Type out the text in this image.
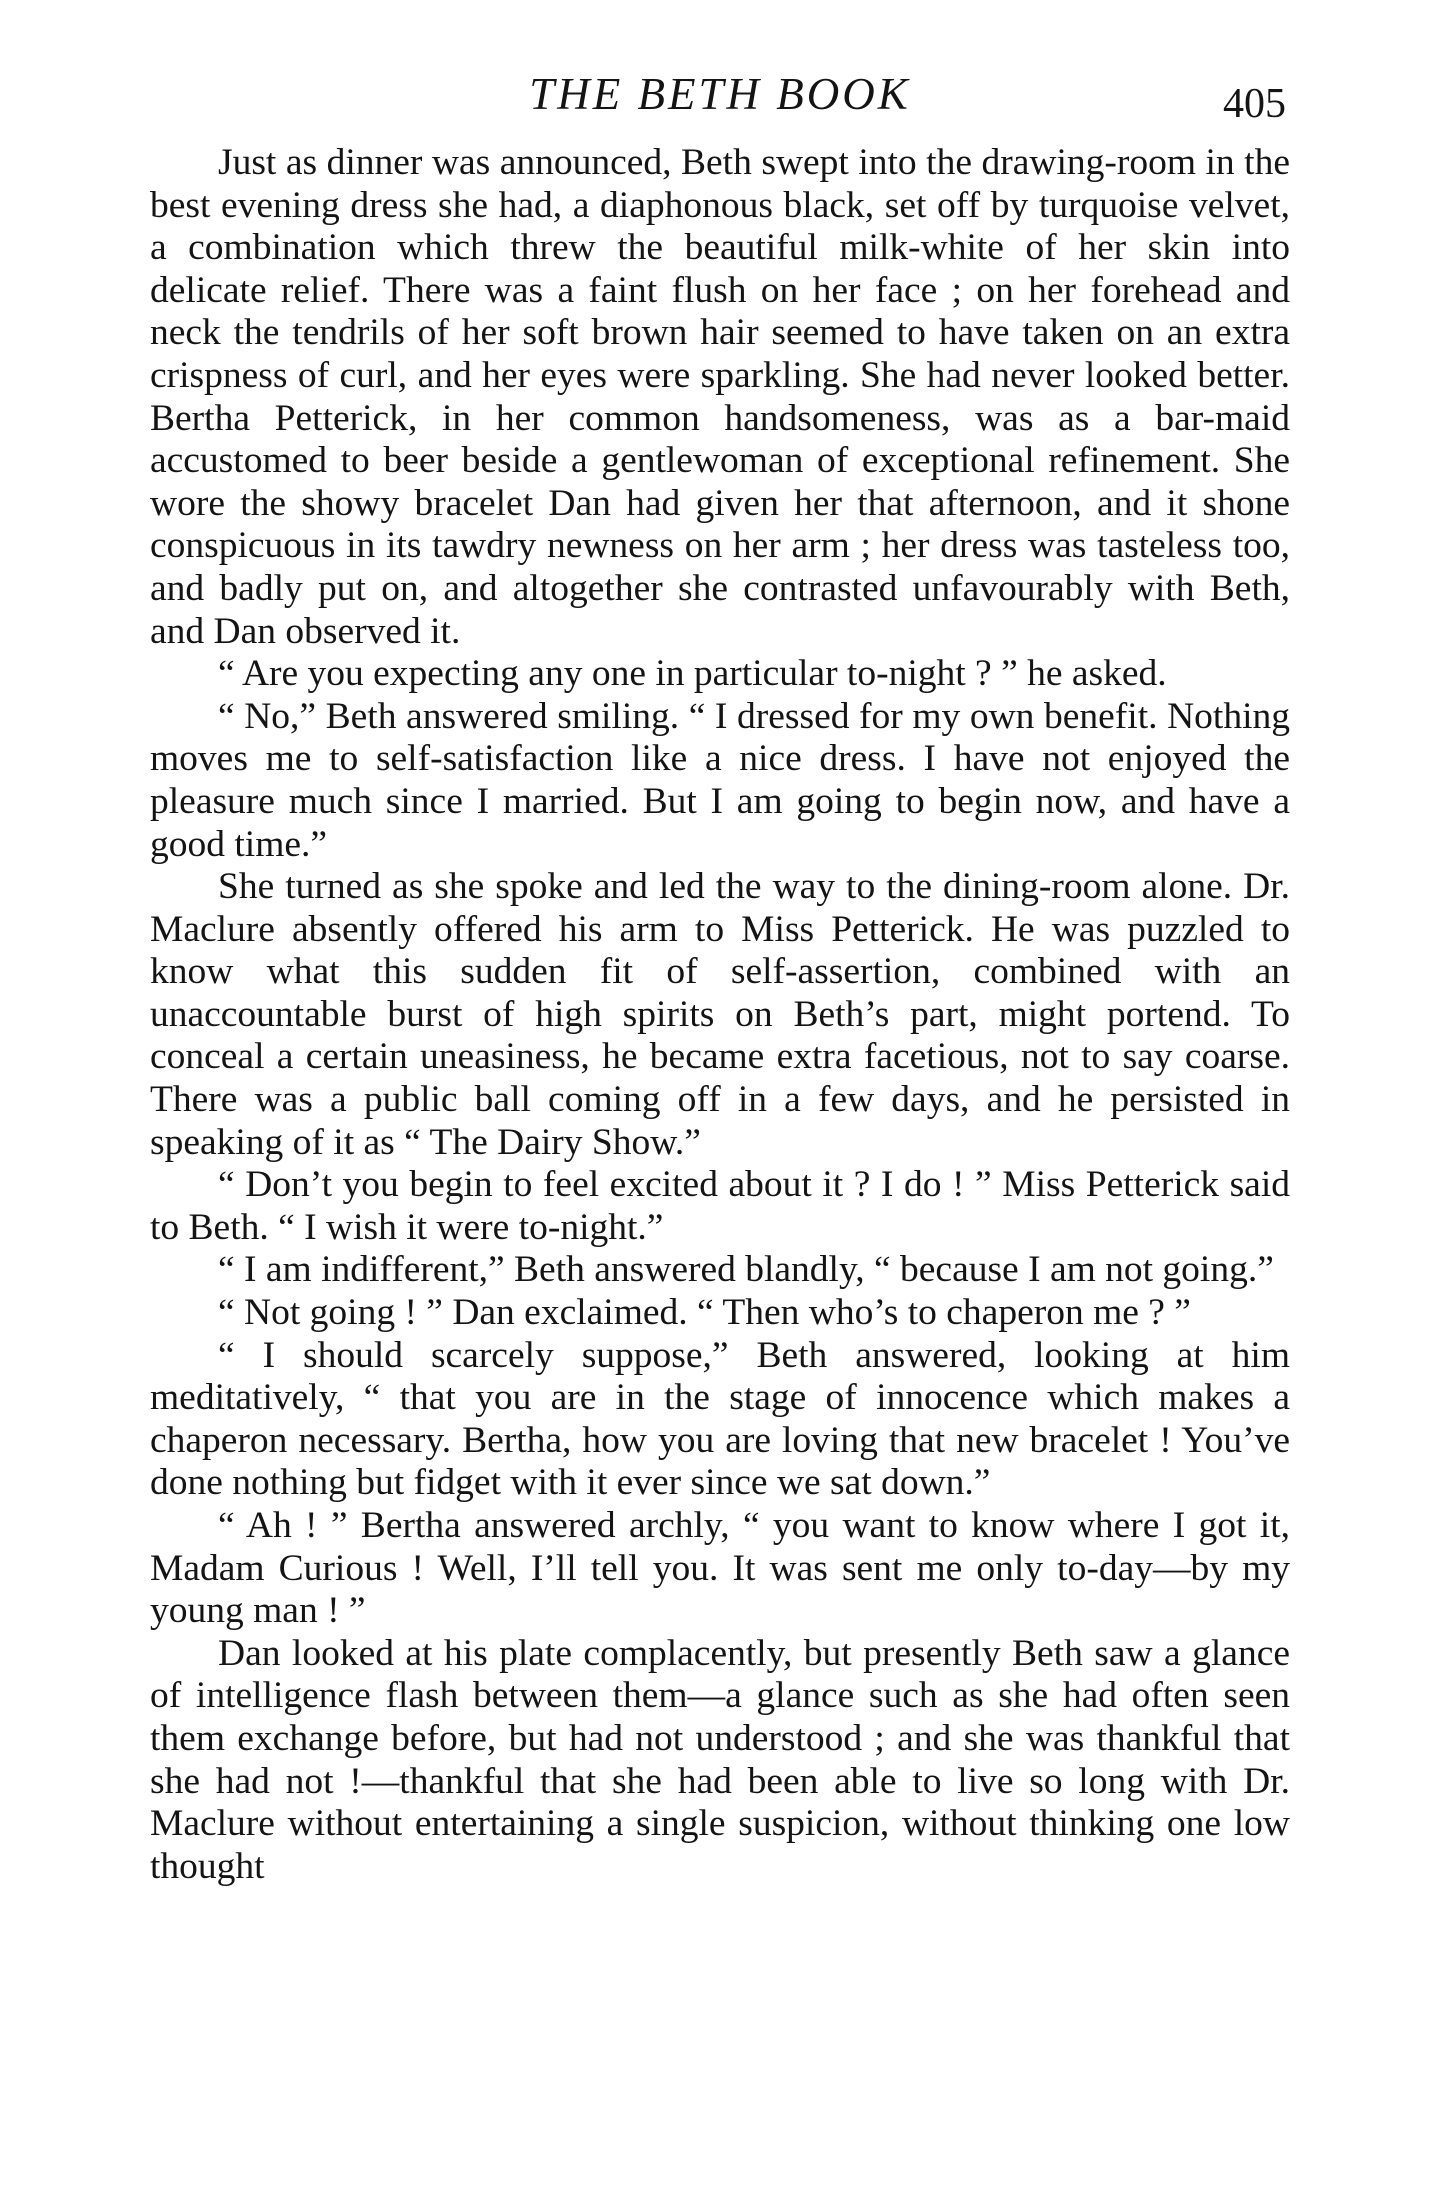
THE BETH BOOK	405

Just as dinner was announced, Beth swept into the drawing-room in the best evening dress she had, a diaphonous black, set off by turquoise velvet, a combination which threw the beautiful milk-white of her skin into delicate relief. There was a faint flush on her face ; on her forehead and neck the tendrils of her soft brown hair seemed to have taken on an extra crispness of curl, and her eyes were sparkling. She had never looked better. Bertha Petterick, in her common handsomeness, was as a bar-maid accustomed to beer beside a gentlewoman of exceptional refinement. She wore the showy bracelet Dan had given her that afternoon, and it shone conspicuous in its tawdry newness on her arm ; her dress was tasteless too, and badly put on, and altogether she contrasted unfavourably with Beth, and Dan observed it.

“ Are you expecting any one in particular to-night ? ” he asked.

“ No,” Beth answered smiling. “ I dressed for my own benefit. Nothing moves me to self-satisfaction like a nice dress. I have not enjoyed the pleasure much since I married. But I am going to begin now, and have a good time.”

She turned as she spoke and led the way to the dining-room alone. Dr. Maclure absently offered his arm to Miss Petterick. He was puzzled to know what this sudden fit of self-assertion, combined with an unaccountable burst of high spirits on Beth’s part, might portend. To conceal a certain uneasiness, he became extra facetious, not to say coarse. There was a public ball coming off in a few days, and he persisted in speaking of it as “ The Dairy Show.”

“ Don’t you begin to feel excited about it ? I do ! ” Miss Petterick said to Beth. “ I wish it were to-night.”

“ I am indifferent,” Beth answered blandly, “ because I am not going.”

“ Not going ! ” Dan exclaimed. “ Then who’s to chaperon me ? ”

“ I should scarcely suppose,” Beth answered, looking at him meditatively, “ that you are in the stage of innocence which makes a chaperon necessary. Bertha, how you are loving that new bracelet ! You’ve done nothing but fidget with it ever since we sat down.”

“ Ah ! ” Bertha answered archly, “ you want to know where I got it, Madam Curious ! Well, I’ll tell you. It was sent me only to-day—by my young man ! ”

Dan looked at his plate complacently, but presently Beth saw a glance of intelligence flash between them—a glance such as she had often seen them exchange before, but had not understood ; and she was thankful that she had not !—thankful that she had been able to live so long with Dr. Maclure without entertaining a single suspicion, without thinking one low thought
